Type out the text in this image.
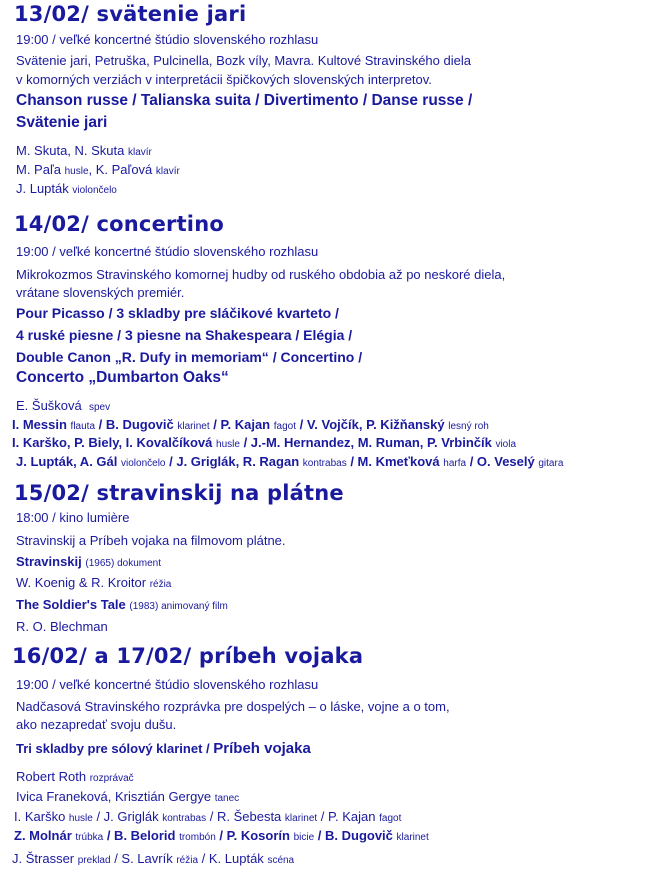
13/02/ svätenie jari
19:00 / veľké koncertné štúdio slovenského rozhlasu
Svätenie jari, Petruška, Pulcinella, Bozk víly, Mavra. Kultové Stravinského diela
v komorných verziách v interpretácii špičkových slovenských interpretov.
Chanson russe / Talianska suita / Divertimento / Danse russe /
Svätenie jari
M. Skuta, N. Skuta klavír
M. Paľa husle, K. Paľová klavír
J. Lupták violončelo
14/02/ concertino
19:00 / veľké koncertné štúdio slovenského rozhlasu
Mikrokozmos Stravinského komornej hudby od ruského obdobia až po neskoré diela,
vrátane slovenských premiér.
Pour Picasso / 3 skladby pre sláčikové kvarteto /
4 ruské piesne / 3 piesne na Shakespeara / Elégia /
Double Canon „R. Dufy in memoriam“ / Concertino /
Concerto „Dumbarton Oaks“
E. Šušková spev
I. Messin flauta / B. Dugovič klarinet / P. Kajan fagot / V. Vojčík, P. Kižňanský lesný roh
I. Karško, P. Biely, I. Kovalčíková husle / J.-M. Hernandez, M. Ruman, P. Vrbinčík viola
J. Lupták, A. Gál violončelo / J. Griglák, R. Ragan kontrabas / M. Kmeťková harfa / O. Veselý gitara
15/02/ stravinskij na plátne
18:00 / kino lumière
Stravinskij a Príbeh vojaka na filmovom plátne.
Stravinskij (1965) dokument
W. Koenig & R. Kroitor réžia
The Soldier's Tale (1983) animovaný film
R. O. Blechman
16/02/ a 17/02/ príbeh vojaka
19:00 / veľké koncertné štúdio slovenského rozhlasu
Nadčasová Stravinského rozprávka pre dospelých – o láske, vojne a o tom,
ako nezapredať svoju dušu.
Tri skladby pre sólový klarinet / Príbeh vojaka
Robert Roth rozprávač
Ivica Franeková, Krisztián Gergye tanec
I. Karško husle / J. Griglák kontrabas / R. Šebesta klarinet / P. Kajan fagot
Z. Molnár trúbka / B. Belorid trombón / P. Kosorín bicie / B. Dugovič klarinet
J. Štrasser preklad / S. Lavrík réžia / K. Lupták scéna
